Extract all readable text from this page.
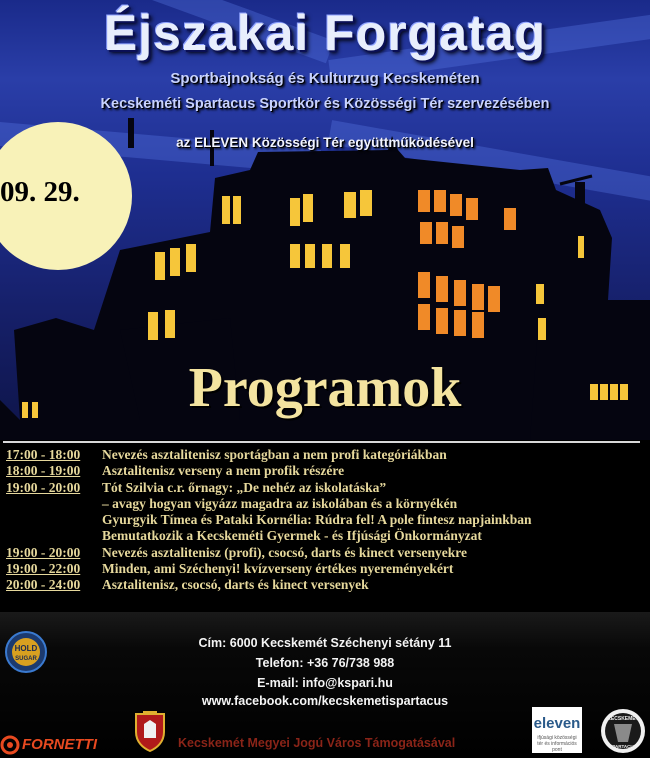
Éjszakai Forgatag

Sportbajnokság és Kulturzug Kecskeméten

Kecskeméti Spartacus Sportkör és Közösségi Tér szervezésében

az ELEVEN Közösségi Tér együttműködésével

09. 29.

Programok
17:00 - 18:00 Nevezés asztalitenisz sportágban a nem profi kategóriákban
18:00 - 19:00 Asztalitenisz verseny a nem profik részére
19:00 - 20:00 Tót Szilvia c.r. őrnagy: „De nehéz az iskolatáska”
– avagy hogyan vigyázz magadra az iskolában és a környékén
Gyurgyik Tímea és Pataki Kornélia: Rúdra fel! A pole fintesz napjainkban
Bemutatkozik a Kecskeméti Gyermek - és Ifjúsági Önkormányzat
19:00 - 20:00 Nevezés asztalitenisz (profi), csocsó, darts és kinect versenyekre
19:00 - 22:00 Minden, ami Széchenyi! kvízverseny értékes nyereményekért
20:00 - 24:00 Asztalitenisz, csocsó, darts és kinect versenyek
HOLD
SUGAR

Cím: 6000 Kecskemét Széchenyi sétány 11

Telefon: +36 76/738 988

E-mail: info@kspari.hu

www.facebook.com/kecskemetispartacus

KECSKEMÉT
SPARTACUS
eleven
ifjúsági közösségi tér és információs pont
FORNETTI	Kecskemét Megyei Jogú Város Támogatásával
